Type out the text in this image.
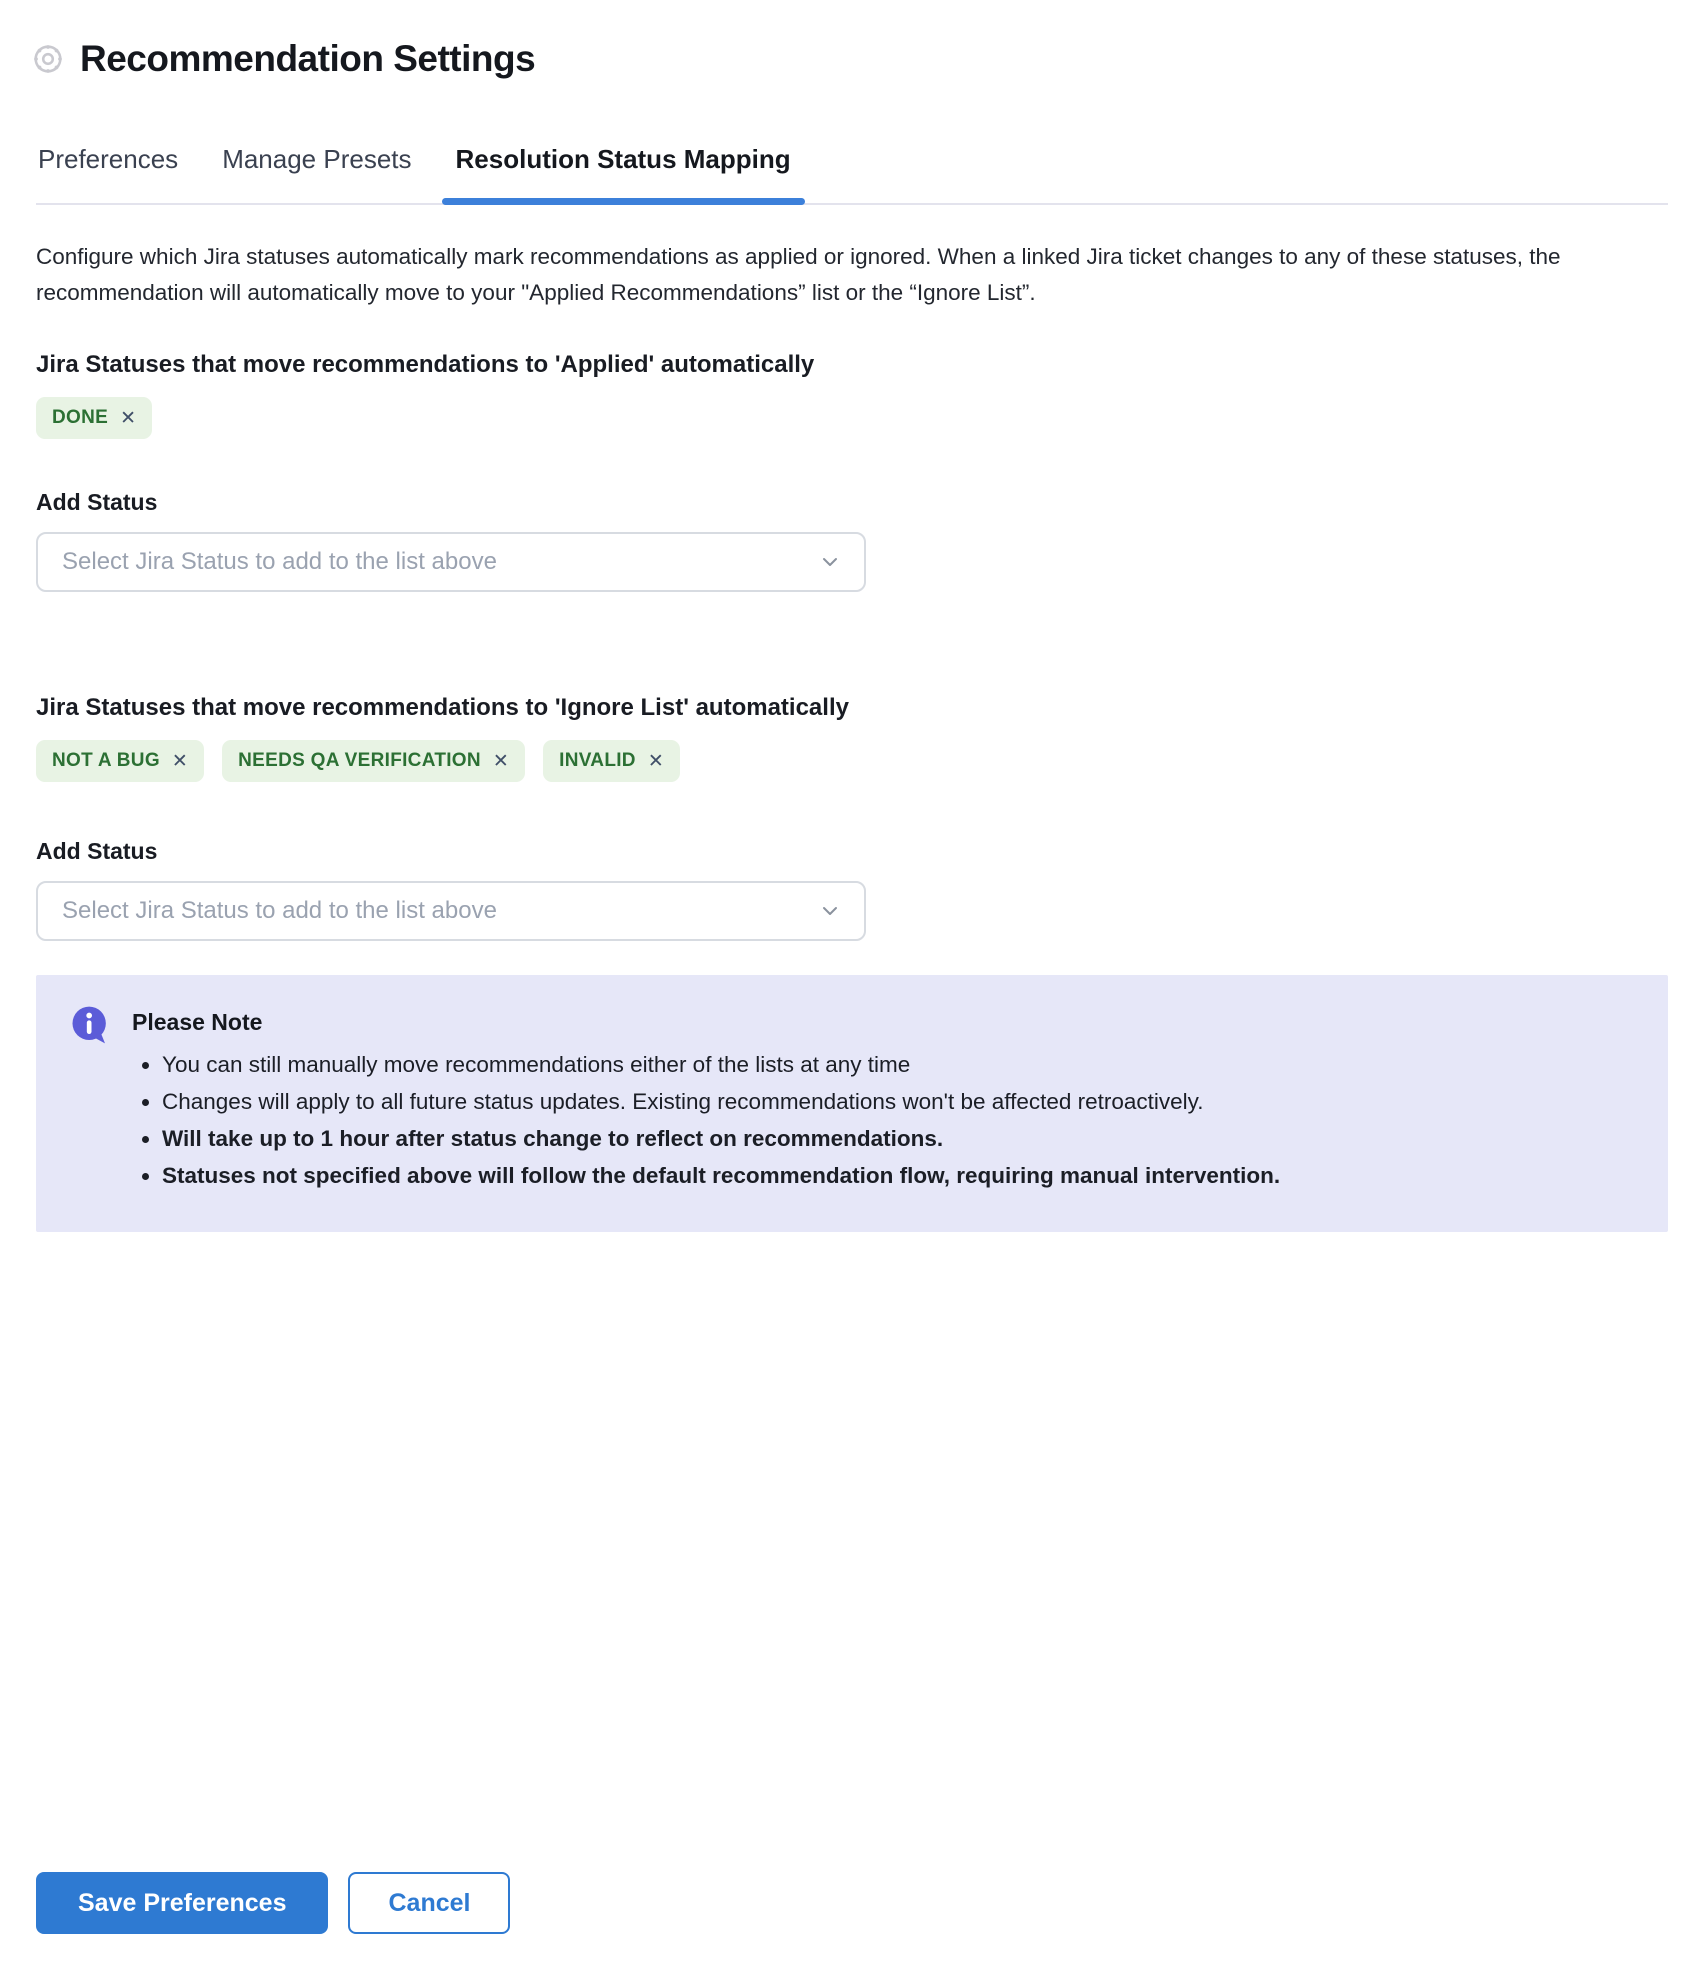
Recommendation Settings
Preferences Manage Presets Resolution Status Mapping

Configure which Jira statuses automatically mark recommendations as applied or ignored. When a linked Jira ticket changes to any of these statuses, the recommendation will automatically move to your "Applied Recommendations” list or the “Ignore List”.

Jira Statuses that move recommendations to 'Applied' automatically
DONE ✕
Add Status
Select Jira Status to add to the list above
Jira Statuses that move recommendations to 'Ignore List' automatically
NOT A BUG ✕	NEEDS QA VERIFICATION ✕	INVALID ✕
Add Status
Select Jira Status to add to the list above
Please Note
• You can still manually move recommendations either of the lists at any time
• Changes will apply to all future status updates. Existing recommendations won't be affected retroactively.
• Will take up to 1 hour after status change to reflect on recommendations.
• Statuses not specified above will follow the default recommendation flow, requiring manual intervention.
Save Preferences	Cancel
